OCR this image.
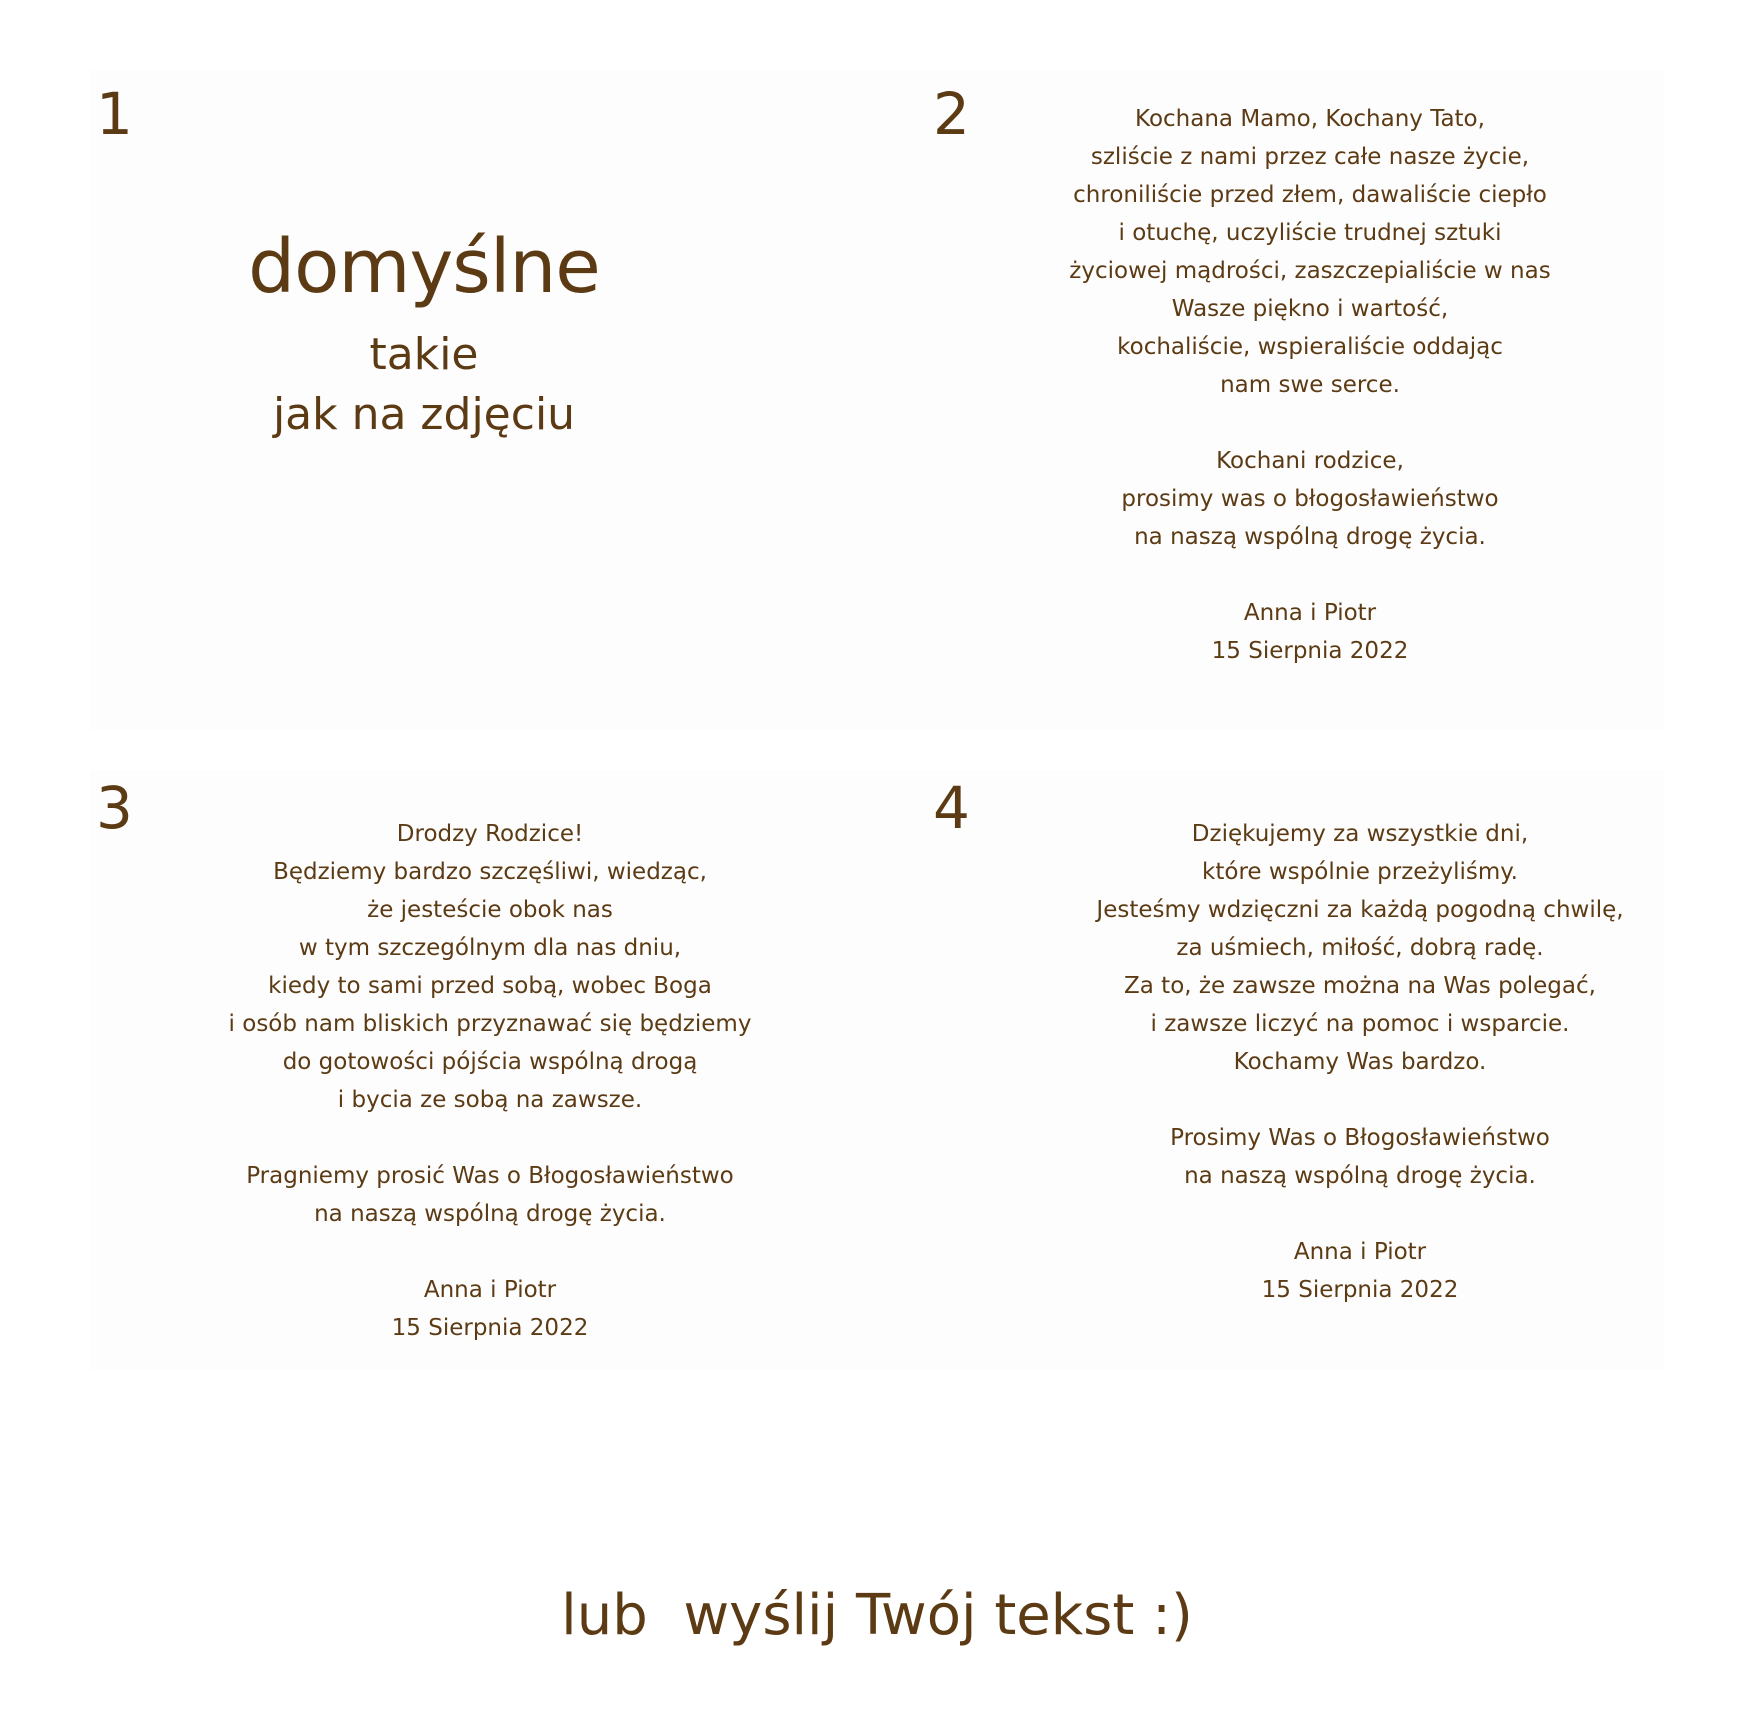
1
domyślne
takie
jak na zdjęciu
2	Kochana Mamo, Kochany Tato,
szliście z nami przez całe nasze życie,
chroniliście przed złem, dawaliście ciepło
i otuchę, uczyliście trudnej sztuki
życiowej mądrości, zaszczepialiście w nas
Wasze piękno i wartość,
kochaliście, wspieraliście oddając
nam swe serce.
Kochani rodzice,
prosimy was o błogosławieństwo
na naszą wspólną drogę życia.
Anna i Piotr
15 Sierpnia 2022
3	Drodzy Rodzice!
Będziemy bardzo szczęśliwi, wiedząc,
że jesteście obok nas
w tym szczególnym dla nas dniu,
kiedy to sami przed sobą, wobec Boga
i osób nam bliskich przyznawać się będziemy
do gotowości pójścia wspólną drogą
i bycia ze sobą na zawsze.
Pragniemy prosić Was o Błogosławieństwo
na naszą wspólną drogę życia.
Anna i Piotr
15 Sierpnia 2022
4	Dziękujemy za wszystkie dni,
które wspólnie przeżyliśmy.
Jesteśmy wdzięczni za każdą pogodną chwilę,
za uśmiech, miłość, dobrą radę.
Za to, że zawsze można na Was polegać,
i zawsze liczyć na pomoc i wsparcie.
Kochamy Was bardzo.
Prosimy Was o Błogosławieństwo
na naszą wspólną drogę życia.
Anna i Piotr
15 Sierpnia 2022
lub  wyślij Twój tekst :)
